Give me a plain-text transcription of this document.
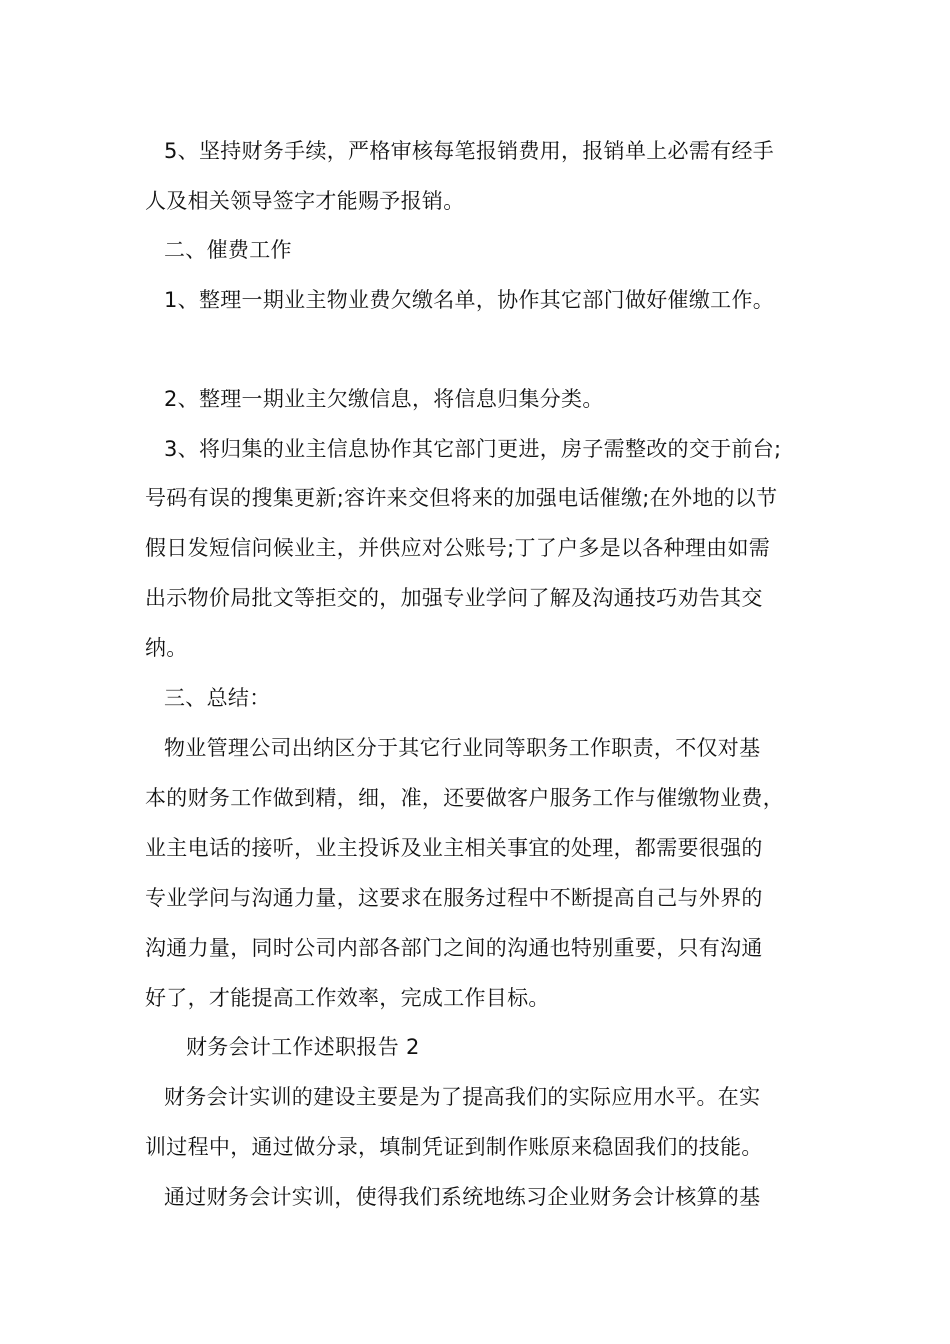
5、坚持财务手续，严格审核每笔报销费用，报销单上必需有经手
人及相关领导签字才能赐予报销。
二、催费工作
1、整理一期业主物业费欠缴名单，协作其它部门做好催缴工作。
2、整理一期业主欠缴信息，将信息归集分类。
3、将归集的业主信息协作其它部门更进，房子需整改的交于前台;
号码有误的搜集更新;容许来交但将来的加强电话催缴;在外地的以节
假日发短信问候业主，并供应对公账号;丁了户多是以各种理由如需
出示物价局批文等拒交的，加强专业学问了解及沟通技巧劝告其交
纳。
三、总结：
物业管理公司出纳区分于其它行业同等职务工作职责，不仅对基
本的财务工作做到精，细，准，还要做客户服务工作与催缴物业费，
业主电话的接听，业主投诉及业主相关事宜的处理，都需要很强的
专业学问与沟通力量，这要求在服务过程中不断提高自己与外界的
沟通力量，同时公司内部各部门之间的沟通也特别重要，只有沟通
好了，才能提高工作效率，完成工作目标。
财务会计工作述职报告 2
财务会计实训的建设主要是为了提高我们的实际应用水平。在实
训过程中，通过做分录，填制凭证到制作账原来稳固我们的技能。
通过财务会计实训，使得我们系统地练习企业财务会计核算的基
